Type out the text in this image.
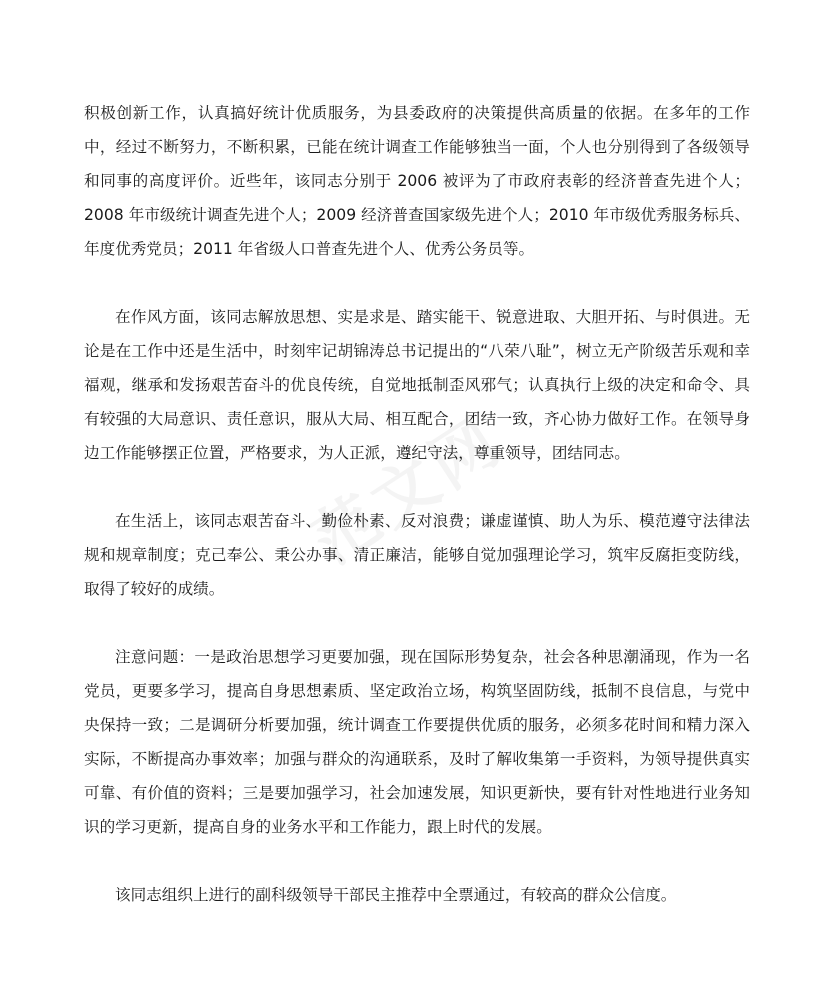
积极创新工作，认真搞好统计优质服务，为县委政府的决策提供高质量的依据。在多年的工作中，经过不断努力，不断积累，已能在统计调查工作能够独当一面，个人也分别得到了各级领导和同事的高度评价。近些年，该同志分别于 2006 被评为了市政府表彰的经济普查先进个人；2008 年市级统计调查先进个人；2009 经济普查国家级先进个人；2010 年市级优秀服务标兵、年度优秀党员；2011 年省级人口普查先进个人、优秀公务员等。

在作风方面，该同志解放思想、实是求是、踏实能干、锐意进取、大胆开拓、与时俱进。无论是在工作中还是生活中，时刻牢记胡锦涛总书记提出的“八荣八耻”，树立无产阶级苦乐观和幸福观，继承和发扬艰苦奋斗的优良传统，自觉地抵制歪风邪气；认真执行上级的决定和命令、具有较强的大局意识、责任意识，服从大局、相互配合，团结一致，齐心协力做好工作。在领导身边工作能够摆正位置，严格要求，为人正派，遵纪守法，尊重领导，团结同志。

在生活上，该同志艰苦奋斗、勤俭朴素、反对浪费；谦虚谨慎、助人为乐、模范遵守法律法规和规章制度；克己奉公、秉公办事、清正廉洁，能够自觉加强理论学习，筑牢反腐拒变防线，取得了较好的成绩。

注意问题：一是政治思想学习更要加强，现在国际形势复杂，社会各种思潮涌现，作为一名党员，更要多学习，提高自身思想素质、坚定政治立场，构筑坚固防线，抵制不良信息，与党中央保持一致；二是调研分析要加强，统计调查工作要提供优质的服务，必须多花时间和精力深入实际，不断提高办事效率；加强与群众的沟通联系，及时了解收集第一手资料，为领导提供真实可靠、有价值的资料；三是要加强学习，社会加速发展，知识更新快，要有针对性地进行业务知识的学习更新，提高自身的业务水平和工作能力，跟上时代的发展。

该同志组织上进行的副科级领导干部民主推荐中全票通过，有较高的群众公信度。
